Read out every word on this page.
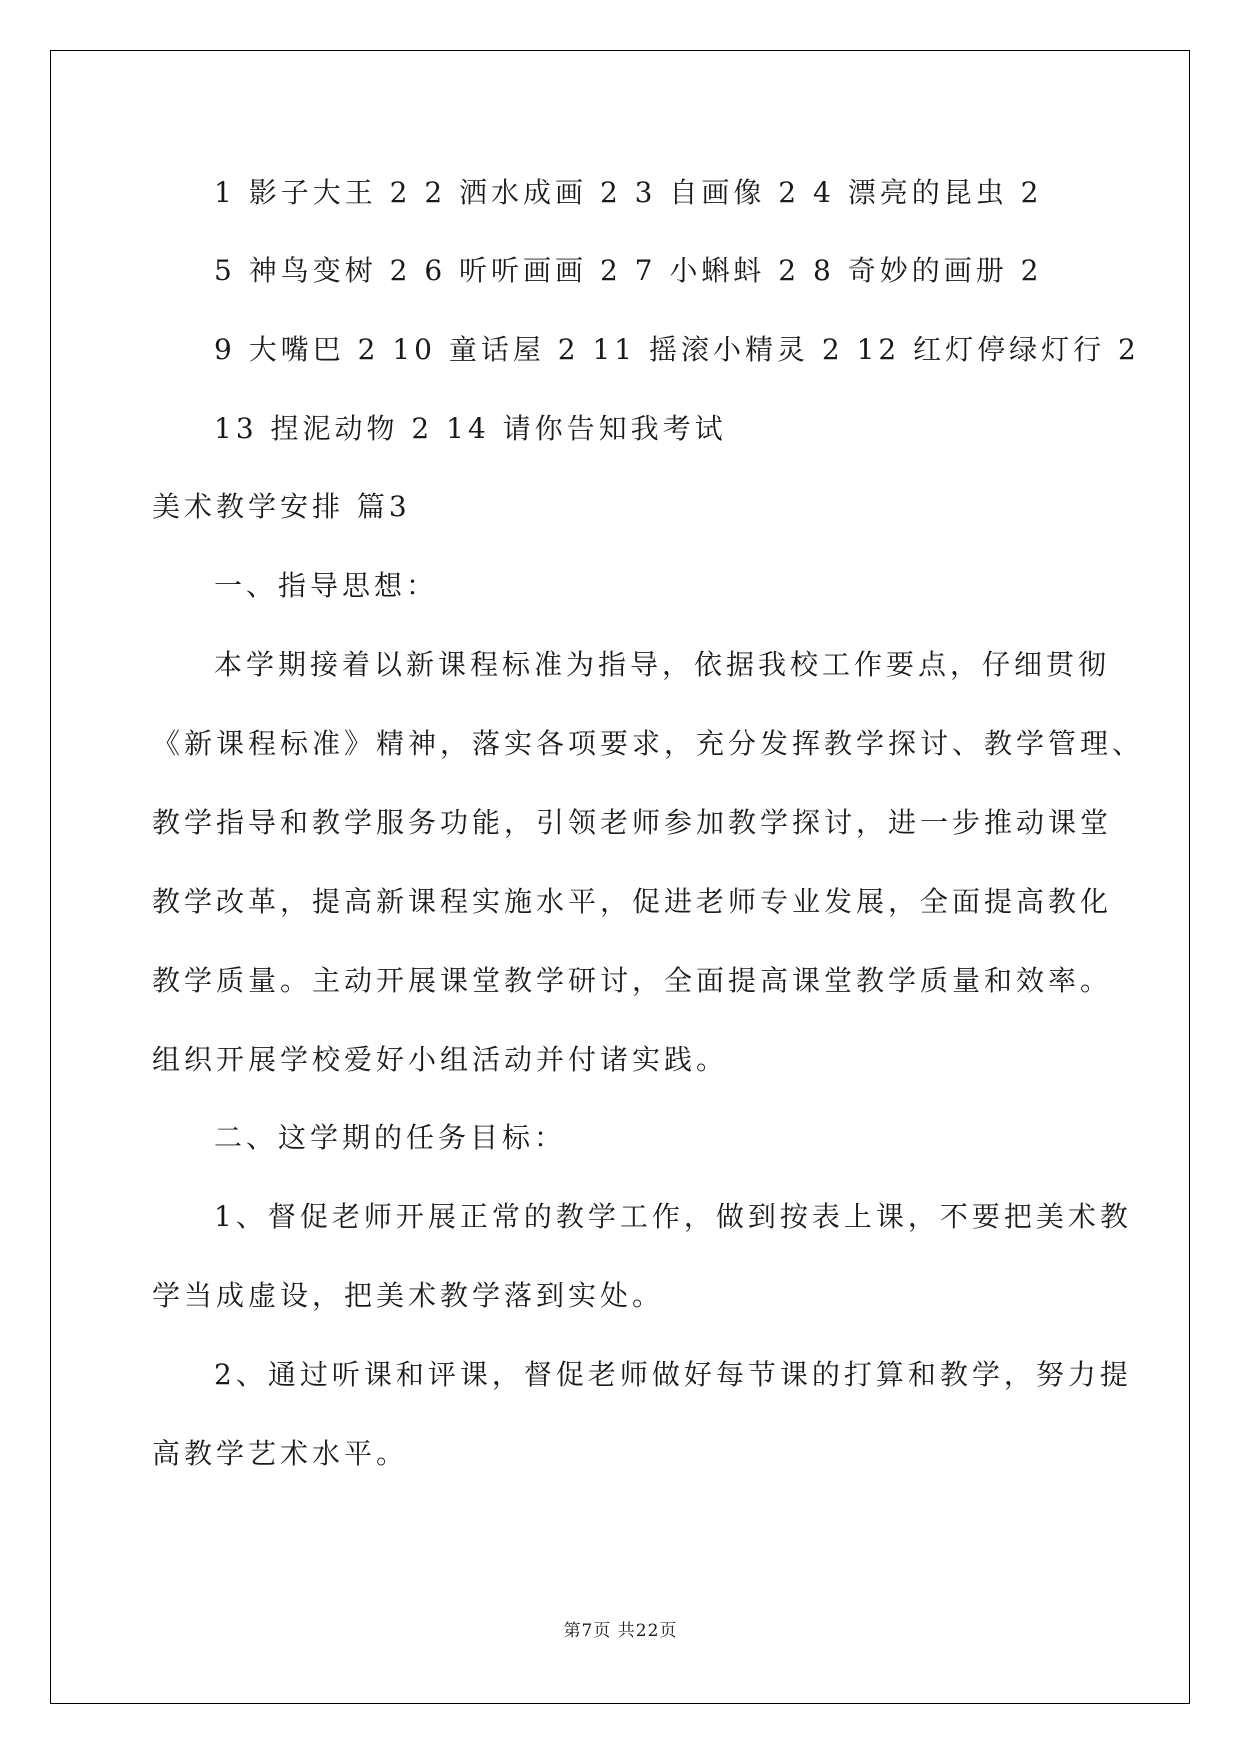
1 影子大王 2 2 洒水成画 2 3 自画像 2 4 漂亮的昆虫 2
5 神鸟变树 2 6 听听画画 2 7 小蝌蚪 2 8 奇妙的画册 2
9 大嘴巴 2 10 童话屋 2 11 摇滚小精灵 2 12 红灯停绿灯行 2
13 捏泥动物 2 14 请你告知我考试
美术教学安排 篇3
一、指导思想：
本学期接着以新课程标准为指导，依据我校工作要点，仔细贯彻
《新课程标准》精神，落实各项要求，充分发挥教学探讨、教学管理、
教学指导和教学服务功能，引领老师参加教学探讨，进一步推动课堂
教学改革，提高新课程实施水平，促进老师专业发展，全面提高教化
教学质量。主动开展课堂教学研讨，全面提高课堂教学质量和效率。
组织开展学校爱好小组活动并付诸实践。
二、这学期的任务目标：
1、督促老师开展正常的教学工作，做到按表上课，不要把美术教
学当成虚设，把美术教学落到实处。
2、通过听课和评课，督促老师做好每节课的打算和教学，努力提
高教学艺术水平。
第7页 共22页
